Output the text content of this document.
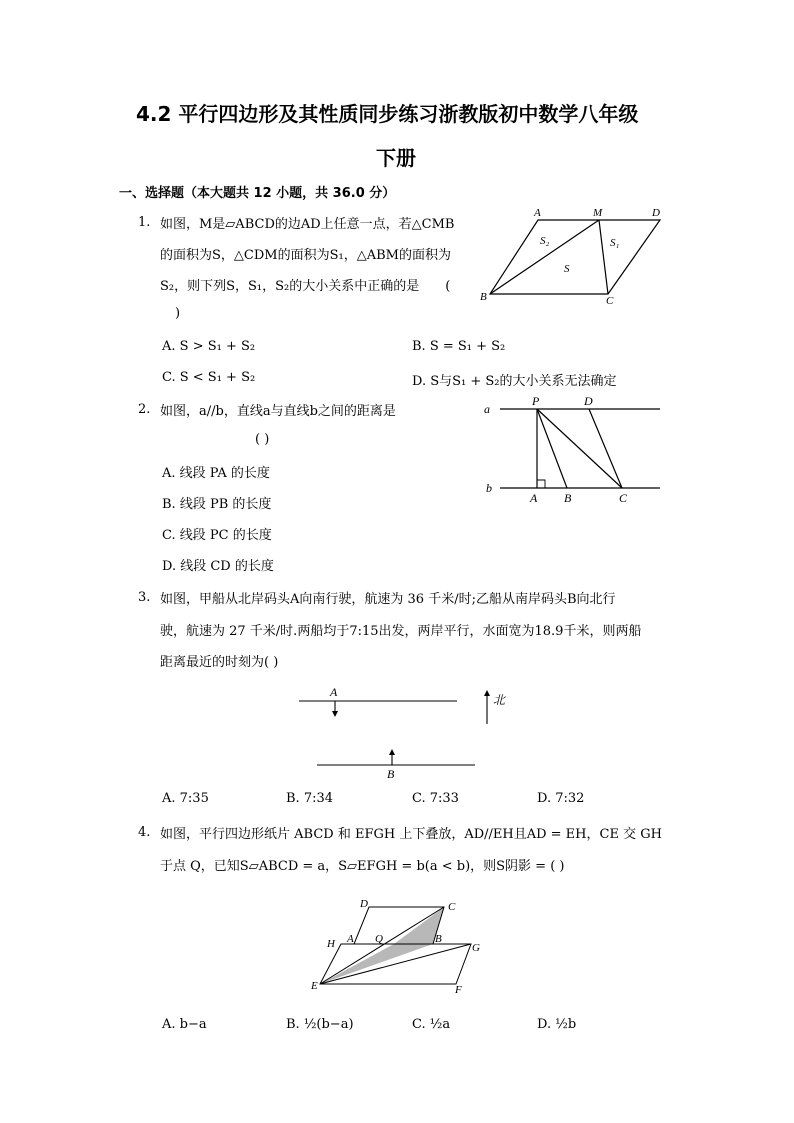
4.2 平行四边形及其性质同步练习浙教版初中数学八年级
下册
一、选择题（本大题共 12 小题，共 36.0 分）
1. 如图，M是▱ABCD的边AD上任意一点，若△CMB
的面积为S，△CDM的面积为S₁，△ABM的面积为
S₂，则下列S，S₁，S₂的大小关系中正确的是　　(
)
A. S > S₁ + S₂	B. S = S₁ + S₂
C. S < S₁ + S₂	D. S与S₁ + S₂的大小关系无法确定
A	M	D
B	C
S₂	S₁
S
2. 如图，a//b，直线a与直线b之间的距离是
( )
A. 线段 PA 的长度
B. 线段 PB 的长度
C. 线段 PC 的长度
D. 线段 CD 的长度
a
P	D
b
A B	C
3. 如图，甲船从北岸码头A向南行驶，航速为 36 千米/时;乙船从南岸码头B向北行
驶，航速为 27 千米/时.两船均于7:15出发，两岸平行，水面宽为18.9千米，则两船
距离最近的时刻为( )
A. 7:35	B. 7:34	C. 7:33	D. 7:32
A
B
北
4. 如图，平行四边形纸片 ABCD 和 EFGH 上下叠放，AD//EH且AD = EH，CE 交 GH
于点 Q，已知S▱ABCD = a，S▱EFGH = b(a < b)，则S阴影 = ( )
A. b−a	B. ½(b−a)	C. ½a	D. ½b
D	C
H A Q	B
G
E	F
